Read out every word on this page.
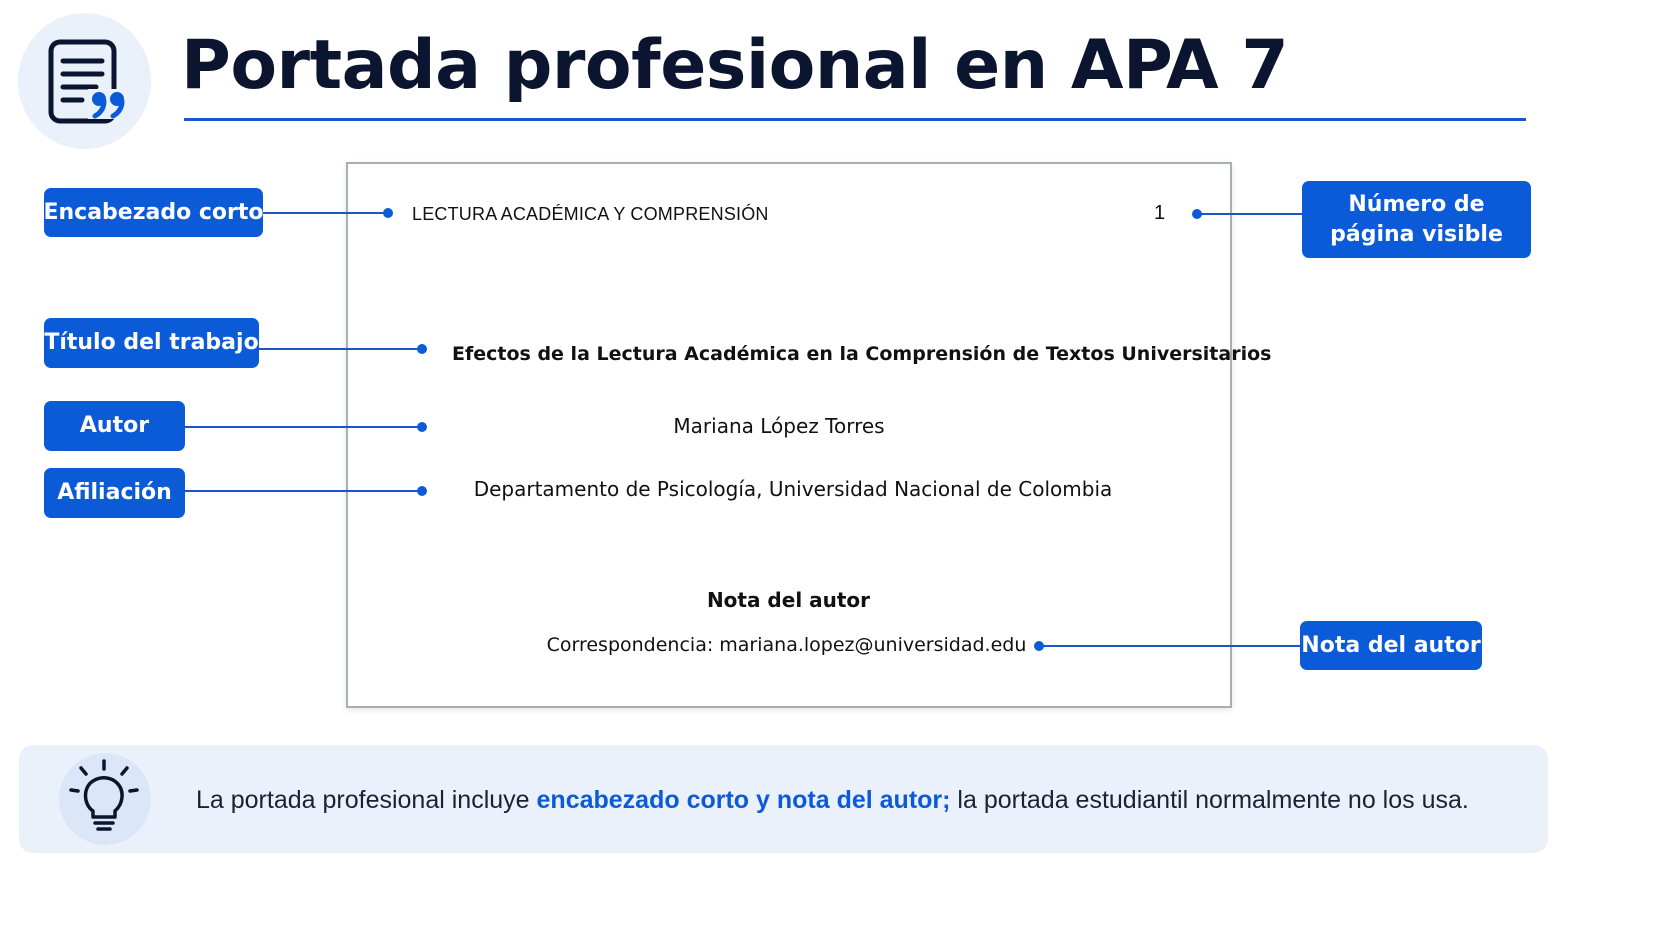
Portada profesional en APA 7
LECTURA ACADÉMICA Y COMPRENSIÓN	1
Efectos de la Lectura Académica en la Comprensión de Textos Universitarios
Mariana López Torres
Departamento de Psicología, Universidad Nacional de Colombia
Nota del autor
Correspondencia: mariana.lopez@universidad.edu
Encabezado corto
Título del trabajo
Autor
Afiliación
Número de página visible
Nota del autor
La portada profesional incluye encabezado corto y nota del autor; la portada estudiantil normalmente no los usa.
